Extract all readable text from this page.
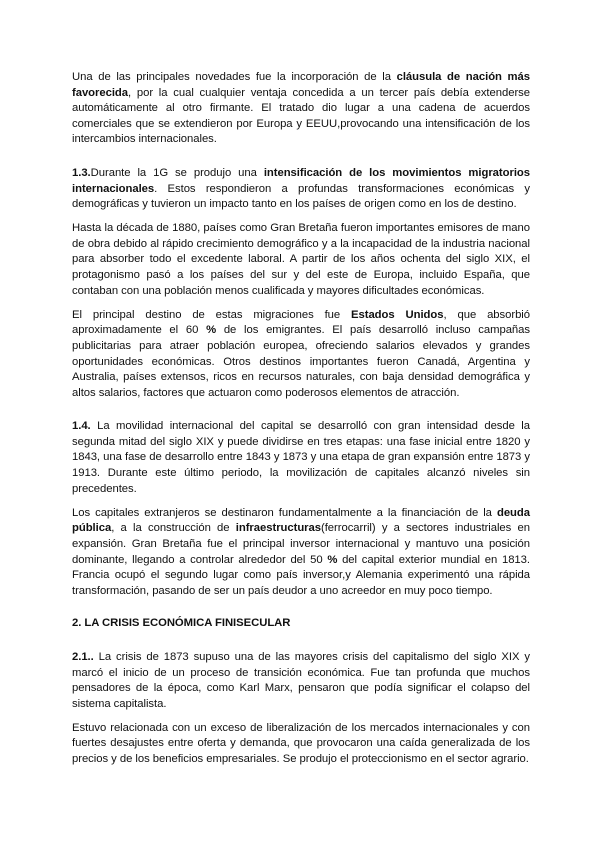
Una de las principales novedades fue la incorporación de la cláusula de nación más favorecida, por la cual cualquier ventaja concedida a un tercer país debía extenderse automáticamente al otro firmante. El tratado dio lugar a una cadena de acuerdos comerciales que se extendieron por Europa y EEUU,provocando una intensificación de los intercambios internacionales.

1.3.Durante la 1G se produjo una intensificación de los movimientos migratorios internacionales. Estos respondieron a profundas transformaciones económicas y demográficas y tuvieron un impacto tanto en los países de origen como en los de destino.

Hasta la década de 1880, países como Gran Bretaña fueron importantes emisores de mano de obra debido al rápido crecimiento demográfico y a la incapacidad de la industria nacional para absorber todo el excedente laboral. A partir de los años ochenta del siglo XIX, el protagonismo pasó a los países del sur y del este de Europa, incluido España, que contaban con una población menos cualificada y mayores dificultades económicas.

El principal destino de estas migraciones fue Estados Unidos, que absorbió aproximadamente el 60 % de los emigrantes. El país desarrolló incluso campañas publicitarias para atraer población europea, ofreciendo salarios elevados y grandes oportunidades económicas. Otros destinos importantes fueron Canadá, Argentina y Australia, países extensos, ricos en recursos naturales, con baja densidad demográfica y altos salarios, factores que actuaron como poderosos elementos de atracción.

1.4. La movilidad internacional del capital se desarrolló con gran intensidad desde la segunda mitad del siglo XIX y puede dividirse en tres etapas: una fase inicial entre 1820 y 1843, una fase de desarrollo entre 1843 y 1873 y una etapa de gran expansión entre 1873 y 1913. Durante este último periodo, la movilización de capitales alcanzó niveles sin precedentes.

Los capitales extranjeros se destinaron fundamentalmente a la financiación de la deuda pública, a la construcción de infraestructuras(ferrocarril) y a sectores industriales en expansión. Gran Bretaña fue el principal inversor internacional y mantuvo una posición dominante, llegando a controlar alrededor del 50 % del capital exterior mundial en 1813. Francia ocupó el segundo lugar como país inversor,y Alemania experimentó una rápida transformación, pasando de ser un país deudor a uno acreedor en muy poco tiempo.

2. LA CRISIS ECONÓMICA FINISECULAR

2.1.. La crisis de 1873 supuso una de las mayores crisis del capitalismo del siglo XIX y marcó el inicio de un proceso de transición económica. Fue tan profunda que muchos pensadores de la época, como Karl Marx, pensaron que podía significar el colapso del sistema capitalista.

Estuvo relacionada con un exceso de liberalización de los mercados internacionales y con fuertes desajustes entre oferta y demanda, que provocaron una caída generalizada de los precios y de los beneficios empresariales. Se produjo el proteccionismo en el sector agrario.
